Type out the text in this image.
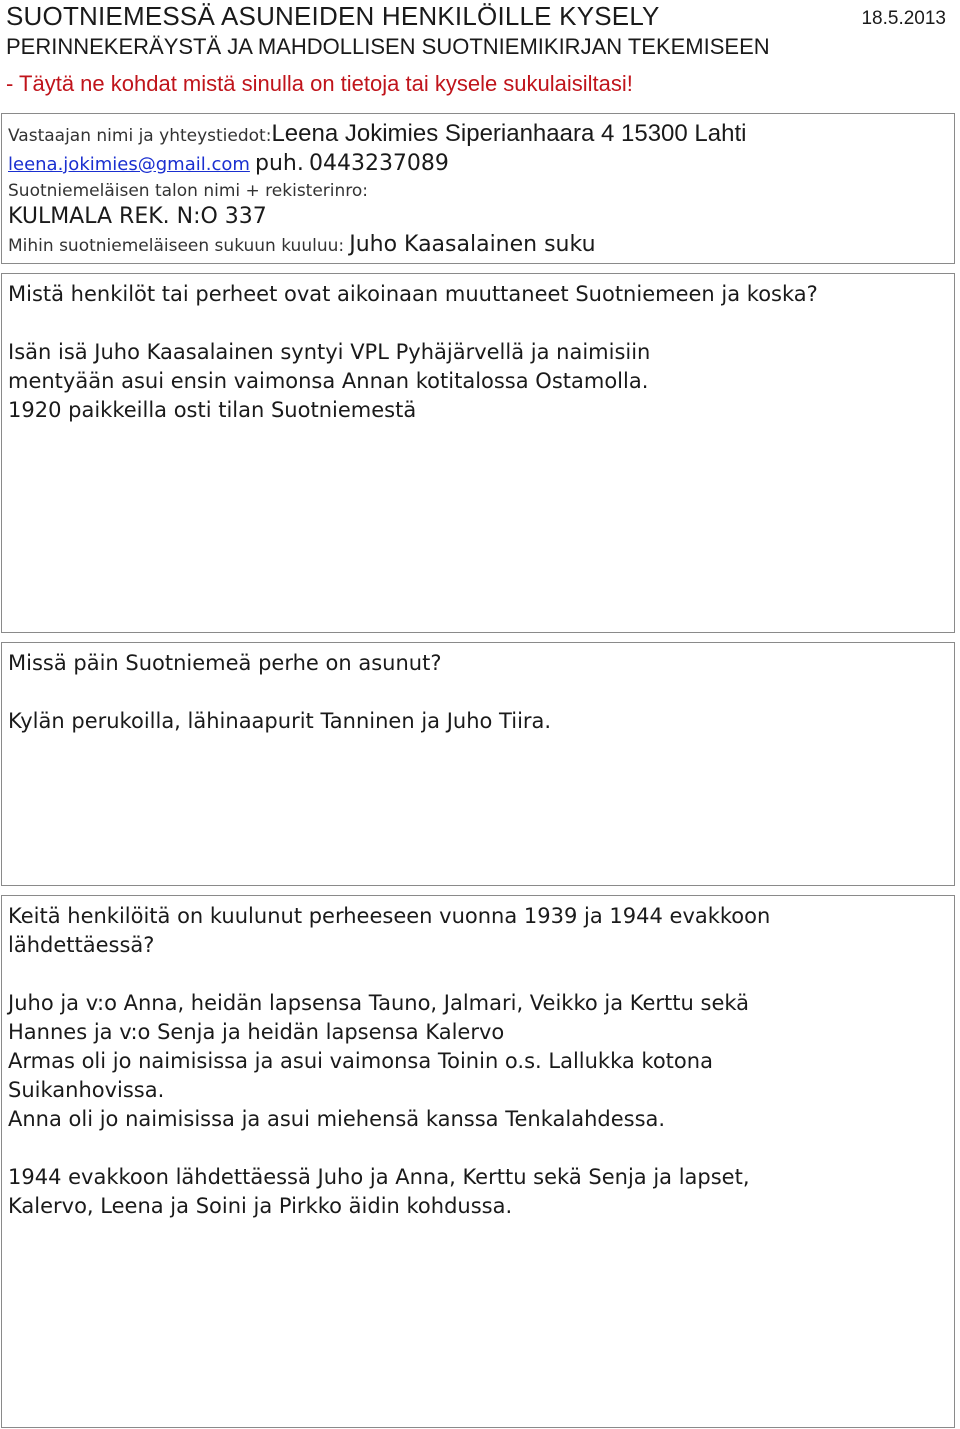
SUOTNIEMESSÄ ASUNEIDEN HENKILÖILLE KYSELY	18.5.2013
PERINNEKERÄYSTÄ JA MAHDOLLISEN SUOTNIEMIKIRJAN TEKEMISEEN
- Täytä ne kohdat mistä sinulla on tietoja tai kysele sukulaisiltasi!
Vastaajan nimi ja yhteystiedot:Leena Jokimies Siperianhaara 4 15300 Lahti
leena.jokimies@gmail.com puh. 0443237089
Suotniemeläisen talon nimi + rekisterinro:
KULMALA REK. N:O 337
Mihin suotniemeläiseen sukuun kuuluu: Juho Kaasalainen suku
Mistä henkilöt tai perheet ovat aikoinaan muuttaneet Suotniemeen ja koska?
Isän isä Juho Kaasalainen syntyi VPL Pyhäjärvellä ja naimisiin
mentyään asui ensin vaimonsa Annan kotitalossa Ostamolla.
1920 paikkeilla osti tilan Suotniemestä
Missä päin Suotniemeä perhe on asunut?
Kylän perukoilla, lähinaapurit Tanninen ja Juho Tiira.
Keitä henkilöitä on kuulunut perheeseen vuonna 1939 ja 1944 evakkoon
lähdettäessä?
Juho ja v:o Anna, heidän lapsensa Tauno, Jalmari, Veikko ja Kerttu sekä
Hannes ja v:o Senja ja heidän lapsensa Kalervo
Armas oli jo naimisissa ja asui vaimonsa Toinin o.s. Lallukka kotona
Suikanhovissa.
Anna oli jo naimisissa ja asui miehensä kanssa Tenkalahdessa.

1944 evakkoon lähdettäessä Juho ja Anna, Kerttu sekä Senja ja lapset,
Kalervo, Leena ja Soini ja Pirkko äidin kohdussa.
